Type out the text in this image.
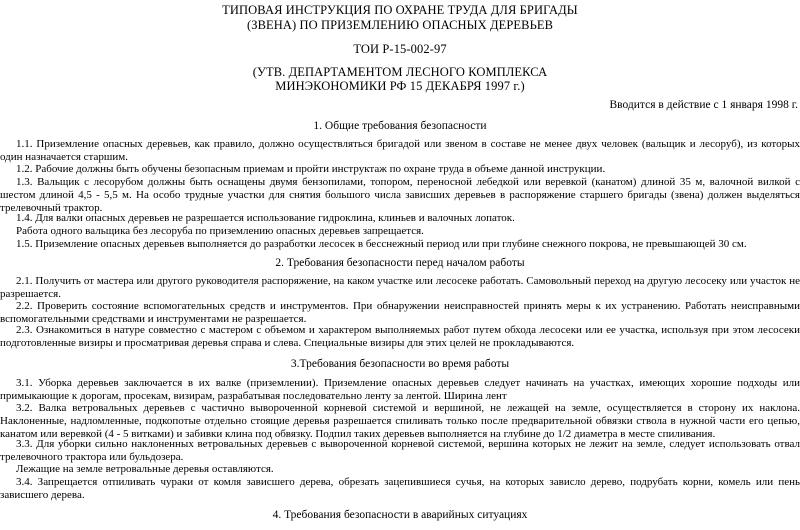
ТИПОВАЯ ИНСТРУКЦИЯ ПО ОХРАНЕ ТРУДА ДЛЯ БРИГАДЫ
(ЗВЕНА) ПО ПРИЗЕМЛЕНИЮ ОПАСНЫХ ДЕРЕВЬЕВ
ТОИ Р-15-002-97
(УТВ. ДЕПАРТАМЕНТОМ ЛЕСНОГО КОМПЛЕКСА
МИНЭКОНОМИКИ РФ 15 ДЕКАБРЯ 1997 г.)
Вводится в действие с 1 января 1998 г.
1. Общие требования безопасности
1.1. Приземление опасных деревьев, как правило, должно осуществляться бригадой или звеном в составе не менее двух человек (вальщик и лесоруб), из которых один назначается старшим.
1.2. Рабочие должны быть обучены безопасным приемам и пройти инструктаж по охране труда в объеме данной инструкции.
1.3. Вальщик с лесорубом должны быть оснащены двумя бензопилами, топором, переносной лебедкой или веревкой (канатом) длиной 35 м, валочной вилкой с шестом длиной 4,5 - 5,5 м. На особо трудные участки для снятия большого числа зависших деревьев в распоряжение старшего бригады (звена) должен выделяться трелевочный трактор.
1.4. Для валки опасных деревьев не разрешается использование гидроклина, клиньев и валочных лопаток.
Работа одного вальщика без лесоруба по приземлению опасных деревьев запрещается.
1.5. Приземление опасных деревьев выполняется до разработки лесосек в бесснежный период или при глубине снежного покрова, не превышающей 30 см.
2. Требования безопасности перед началом работы
2.1. Получить от мастера или другого руководителя распоряжение, на каком участке или лесосеке работать. Самовольный переход на другую лесосеку или участок не разрешается.
2.2. Проверить состояние вспомогательных средств и инструментов. При обнаружении неисправностей принять меры к их устранению. Работать неисправными вспомогательными средствами и инструментами не разрешается.
2.3. Ознакомиться в натуре совместно с мастером с объемом и характером выполняемых работ путем обхода лесосеки или ее участка, используя при этом лесосеки подготовленные визиры и просматривая деревья справа и слева. Специальные визиры для этих целей не прокладываются.
3.Требования безопасности во время работы
3.1. Уборка деревьев заключается в их валке (приземлении). Приземление опасных деревьев следует начинать на участках, имеющих хорошие подходы или примыкающие к дорогам, просекам, визирам, разрабатывая последовательно ленту за лентой. Ширина лент
3.2. Валка ветровальных деревьев с частично вывороченной корневой системой и вершиной, не лежащей на земле, осуществляется в сторону их наклона. Наклоненные, надломленные, подкопотые отдельно стоящие деревья разрешается спиливать только после предварительной обвязки ствола в нужной части его цепью, канатом или веревкой (4 - 5 витками) и забивки клина под обвязку. Подпил таких деревьев выполняется на глубине до 1/2 диаметра в месте спиливания.
3.3. Для уборки сильно наклоненных ветровальных деревьев с вывороченной корневой системой, вершина которых не лежит на земле, следует использовать отвал трелевочного трактора или бульдозера.
Лежащие на земле ветровальные деревья оставляются.
3.4. Запрещается отпиливать чураки от комля зависшего дерева, обрезать зацепившиеся сучья, на которых зависло дерево, подрубать корни, комель или пень зависшего дерева.
4. Требования безопасности в аварийных ситуациях
